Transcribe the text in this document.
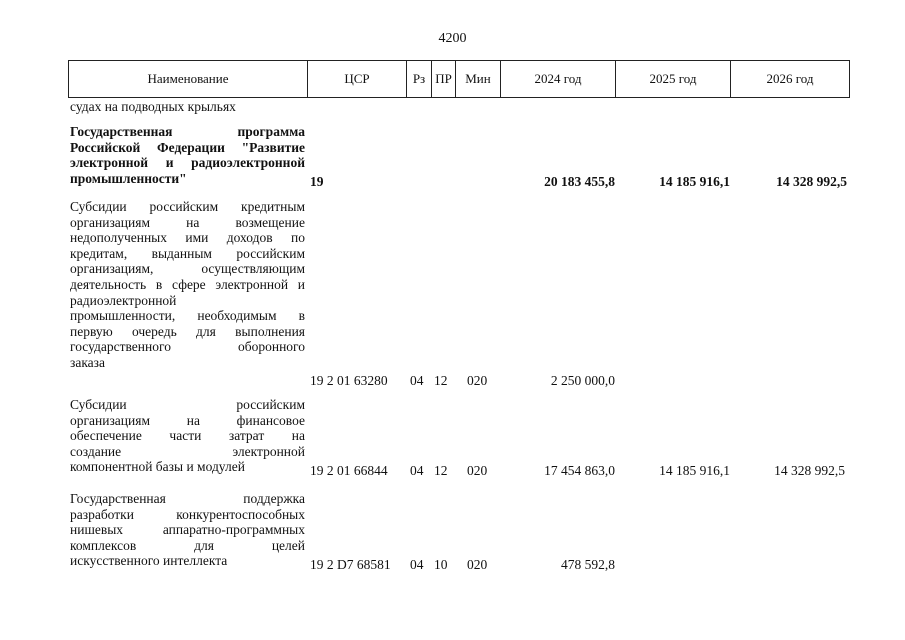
4200
Наименование	ЦСР	Рз ПР	Мин	2024 год	2025 год	2026 год
судах на подводных крыльях
Государственная программа
Российской Федерации "Развитие
электронной и радиоэлектронной
промышленности"	19	20 183 455,8	14 185 916,1	14 328 992,5
Субсидии российским кредитным
организациям на возмещение
недополученных ими доходов по
кредитам, выданным российским
организациям, осуществляющим
деятельность в сфере электронной и
радиоэлектронной
промышленности, необходимым в
первую очередь для выполнения
государственного оборонного
заказа
19 2 01 63280 04 12 020	2 250 000,0
Субсидии российским
организациям на финансовое
обеспечение части затрат на
создание электронной
компонентной базы и модулей	19 2 01 66844 04 12 020	17 454 863,0	14 185 916,1	14 328 992,5
Государственная поддержка
разработки конкурентоспособных
нишевых аппаратно-программных
комплексов для целей
искусственного интеллекта	19 2 D7 68581 04 10 020	478 592,8
